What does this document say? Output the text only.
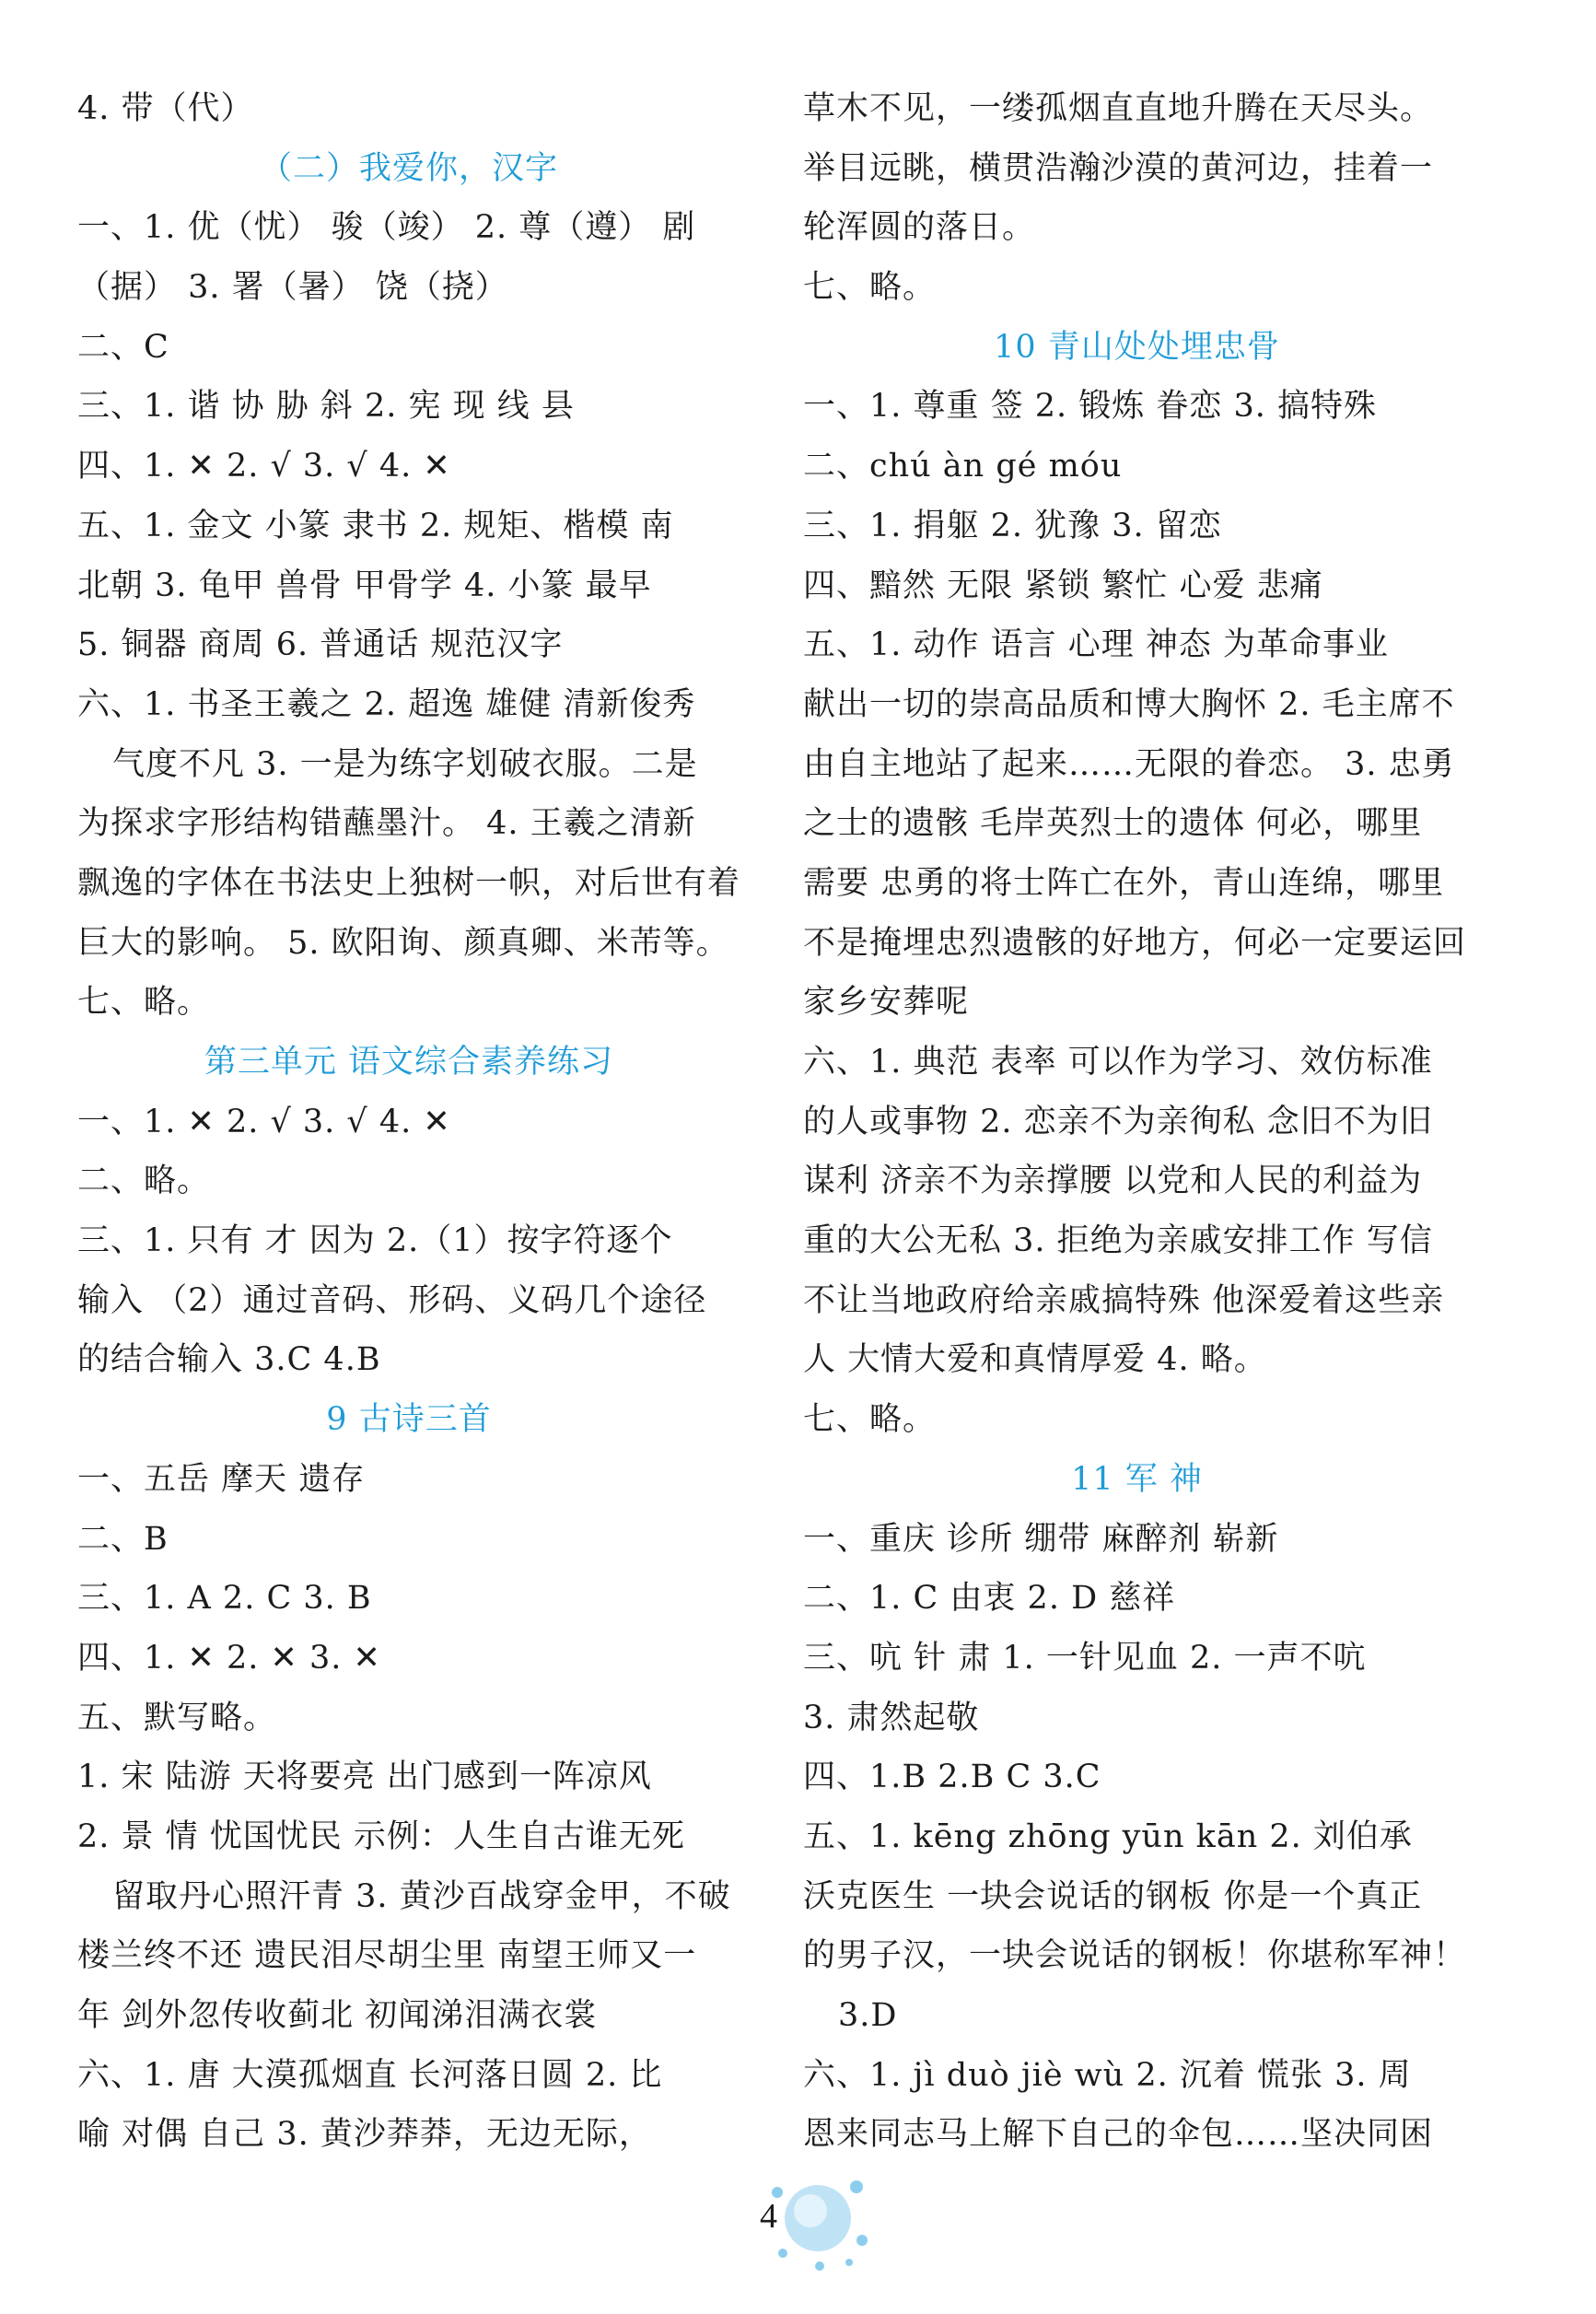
4. 带（代）
（二）我爱你，汉字
一、1. 优（忧） 骏（竣） 2. 尊（遵） 剧
（据） 3. 署（暑） 饶（挠）
二、C
三、1. 谐 协 胁 斜 2. 宪 现 线 县
四、1. ✕ 2. √ 3. √ 4. ✕
五、1. 金文 小篆 隶书 2. 规矩、楷模 南
北朝 3. 龟甲 兽骨 甲骨学 4. 小篆 最早
5. 铜器 商周 6. 普通话 规范汉字
六、1. 书圣王羲之 2. 超逸 雄健 清新俊秀
气度不凡 3. 一是为练字划破衣服。二是
为探求字形结构错蘸墨汁。 4. 王羲之清新
飘逸的字体在书法史上独树一帜，对后世有着
巨大的影响。 5. 欧阳询、颜真卿、米芾等。
七、略。
第三单元 语文综合素养练习
一、1. ✕ 2. √ 3. √ 4. ✕
二、略。
三、1. 只有 才 因为 2.（1）按字符逐个
输入 （2）通过音码、形码、义码几个途径
的结合输入 3.C 4.B
9 古诗三首
一、五岳 摩天 遗存
二、B
三、1. A 2. C 3. B
四、1. ✕ 2. ✕ 3. ✕
五、默写略。
1. 宋 陆游 天将要亮 出门感到一阵凉风
2. 景 情 忧国忧民 示例：人生自古谁无死
留取丹心照汗青 3. 黄沙百战穿金甲，不破
楼兰终不还 遗民泪尽胡尘里 南望王师又一
年 剑外忽传收蓟北 初闻涕泪满衣裳
六、1. 唐 大漠孤烟直 长河落日圆 2. 比
喻 对偶 自己 3. 黄沙莽莽，无边无际，
草木不见，一缕孤烟直直地升腾在天尽头。
举目远眺，横贯浩瀚沙漠的黄河边，挂着一
轮浑圆的落日。
七、略。
10 青山处处埋忠骨
一、1. 尊重 签 2. 锻炼 眷恋 3. 搞特殊
二、chú àn gé móu
三、1. 捐躯 2. 犹豫 3. 留恋
四、黯然 无限 紧锁 繁忙 心爱 悲痛
五、1. 动作 语言 心理 神态 为革命事业
献出一切的崇高品质和博大胸怀 2. 毛主席不
由自主地站了起来……无限的眷恋。 3. 忠勇
之士的遗骸 毛岸英烈士的遗体 何必，哪里
需要 忠勇的将士阵亡在外，青山连绵，哪里
不是掩埋忠烈遗骸的好地方，何必一定要运回
家乡安葬呢
六、1. 典范 表率 可以作为学习、效仿标准
的人或事物 2. 恋亲不为亲徇私 念旧不为旧
谋利 济亲不为亲撑腰 以党和人民的利益为
重的大公无私 3. 拒绝为亲戚安排工作 写信
不让当地政府给亲戚搞特殊 他深爱着这些亲
人 大情大爱和真情厚爱 4. 略。
七、略。
11 军 神
一、重庆 诊所 绷带 麻醉剂 崭新
二、1. C 由衷 2. D 慈祥
三、吭 针 肃 1. 一针见血 2. 一声不吭
3. 肃然起敬
四、1.B 2.B C 3.C
五、1. kēng zhōng yūn kān 2. 刘伯承
沃克医生 一块会说话的钢板 你是一个真正
的男子汉，一块会说话的钢板！你堪称军神！
3.D
六、1. jì duò jiè wù 2. 沉着 慌张 3. 周
恩来同志马上解下自己的伞包……坚决同困
4
